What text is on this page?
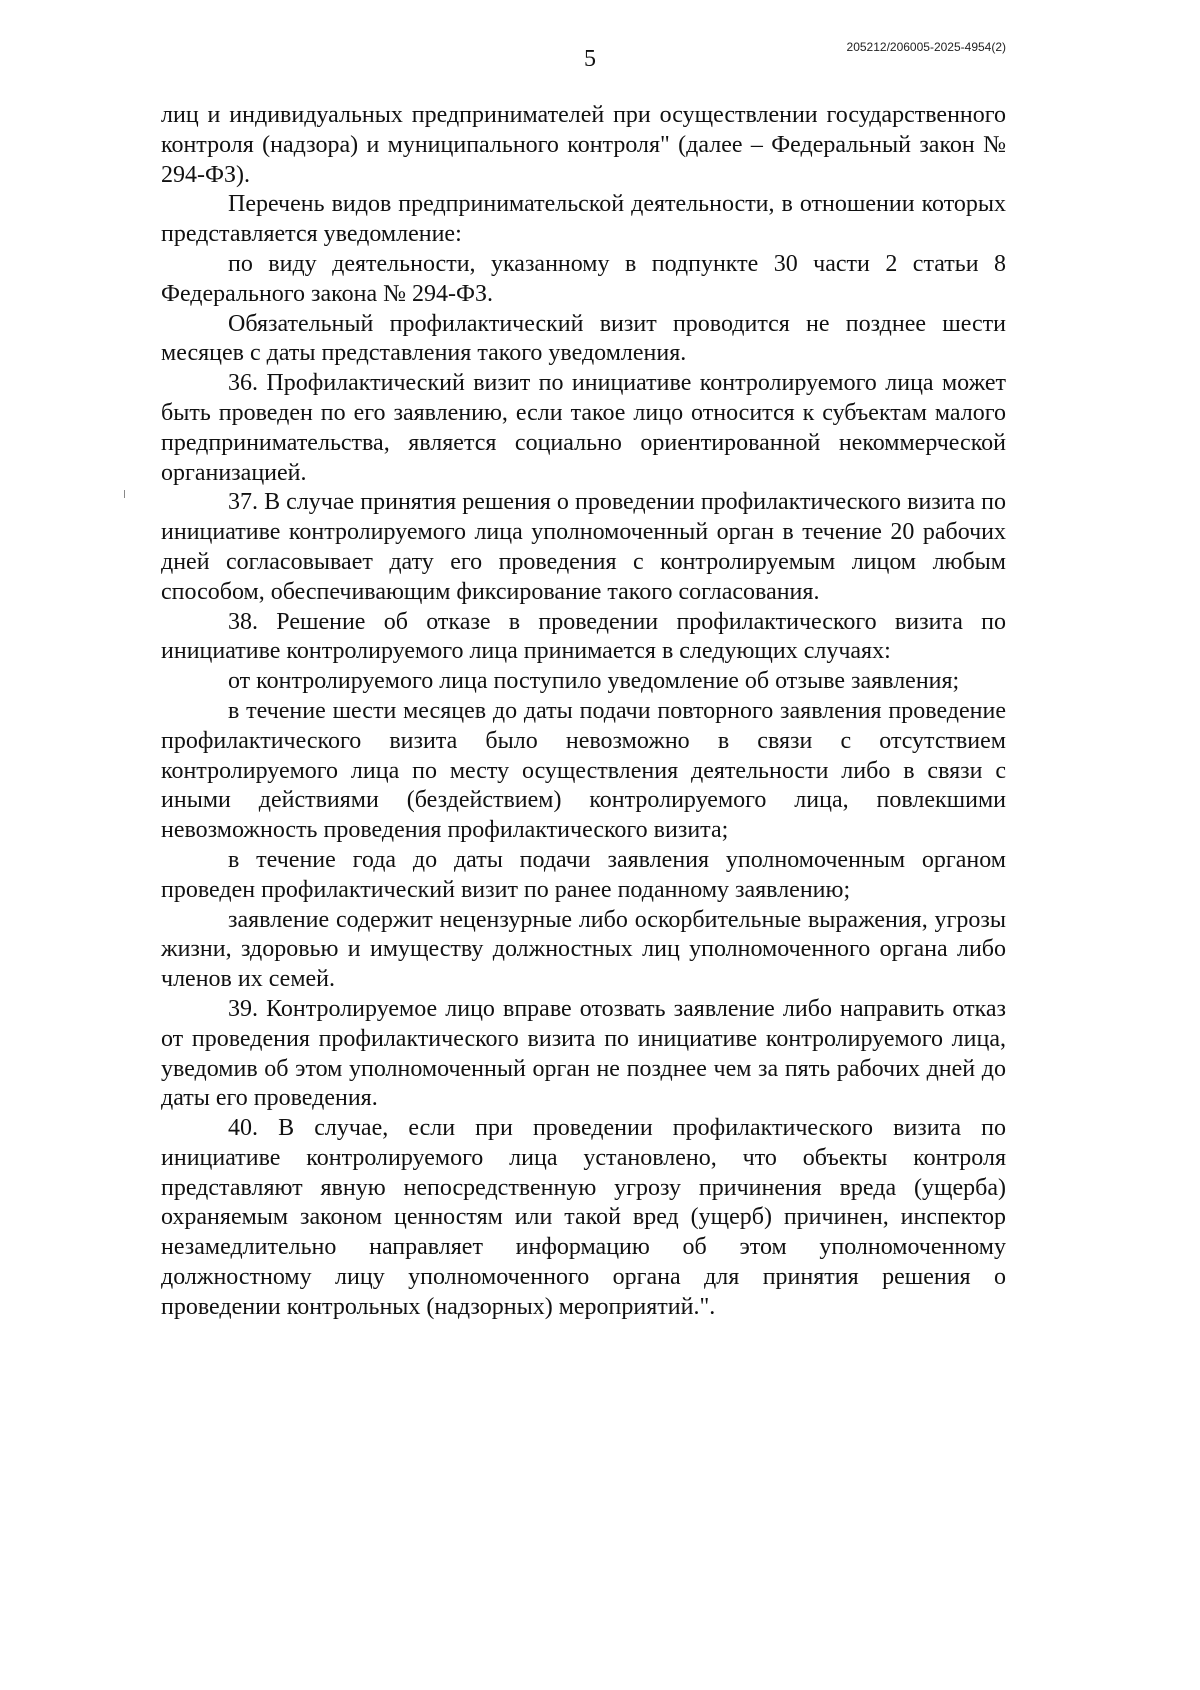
205212/206005-2025-4954(2)
5

лиц и индивидуальных предпринимателей при осуществлении государственного контроля (надзора) и муниципального контроля" (далее – Федеральный закон № 294-ФЗ).

Перечень видов предпринимательской деятельности, в отношении которых представляется уведомление:

по виду деятельности, указанному в подпункте 30 части 2 статьи 8 Федерального закона № 294-ФЗ.

Обязательный профилактический визит проводится не позднее шести месяцев с даты представления такого уведомления.

36. Профилактический визит по инициативе контролируемого лица может быть проведен по его заявлению, если такое лицо относится к субъектам малого предпринимательства, является социально ориентированной некоммерческой организацией.

37. В случае принятия решения о проведении профилактического визита по инициативе контролируемого лица уполномоченный орган в течение 20 рабочих дней согласовывает дату его проведения с контролируемым лицом любым способом, обеспечивающим фиксирование такого согласования.

38. Решение об отказе в проведении профилактического визита по инициативе контролируемого лица принимается в следующих случаях:

от контролируемого лица поступило уведомление об отзыве заявления;

в течение шести месяцев до даты подачи повторного заявления проведение профилактического визита было невозможно в связи с отсутствием контролируемого лица по месту осуществления деятельности либо в связи с иными действиями (бездействием) контролируемого лица, повлекшими невозможность проведения профилактического визита;

в течение года до даты подачи заявления уполномоченным органом проведен профилактический визит по ранее поданному заявлению;

заявление содержит нецензурные либо оскорбительные выражения, угрозы жизни, здоровью и имуществу должностных лиц уполномоченного органа либо членов их семей.

39. Контролируемое лицо вправе отозвать заявление либо направить отказ от проведения профилактического визита по инициативе контролируемого лица, уведомив об этом уполномоченный орган не позднее чем за пять рабочих дней до даты его проведения.

40. В случае, если при проведении профилактического визита по инициативе контролируемого лица установлено, что объекты контроля представляют явную непосредственную угрозу причинения вреда (ущерба) охраняемым законом ценностям или такой вред (ущерб) причинен, инспектор незамедлительно направляет информацию об этом уполномоченному должностному лицу уполномоченного органа для принятия решения о проведении контрольных (надзорных) мероприятий.".
